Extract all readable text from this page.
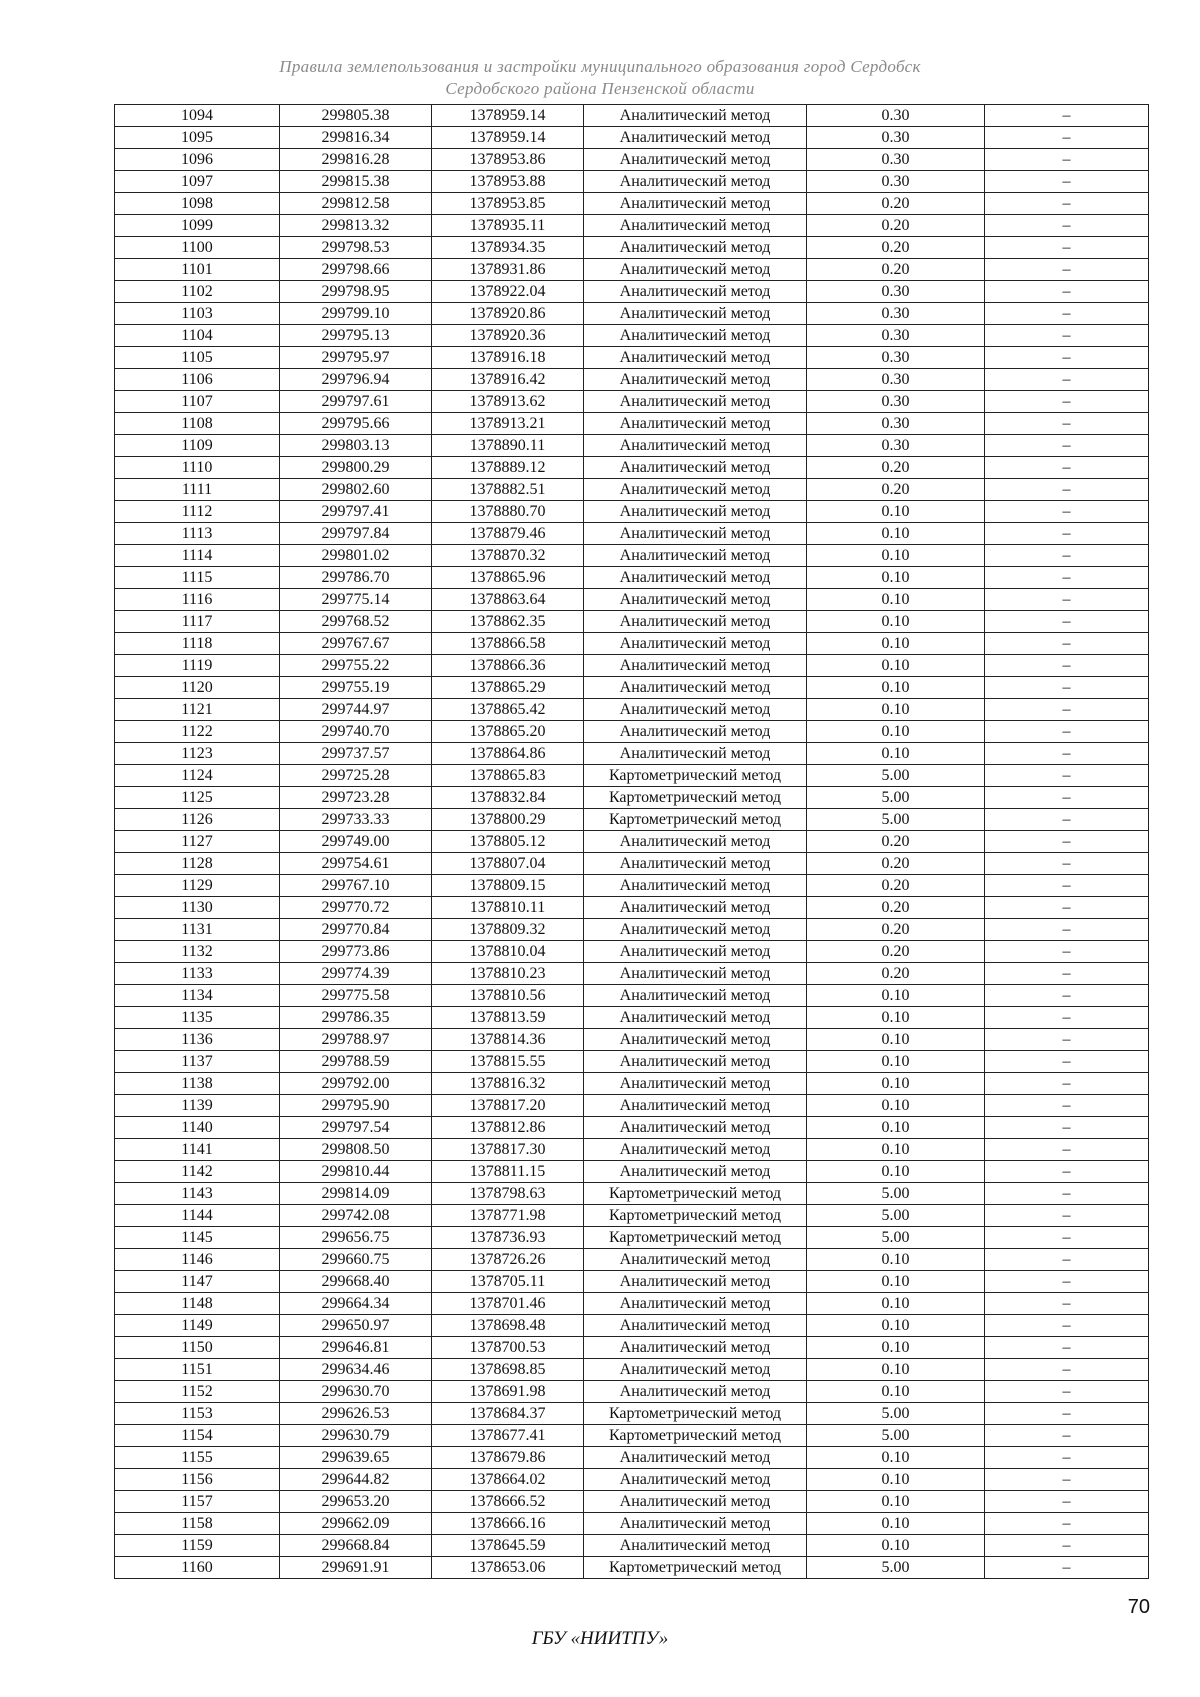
Правила землепользования и застройки муниципального образования город Сердобск
Сердобского района Пензенской области
1094	299805.38	1378959.14	Аналитический метод	0.30	–
1095	299816.34	1378959.14	Аналитический метод	0.30	–
1096	299816.28	1378953.86	Аналитический метод	0.30	–
1097	299815.38	1378953.88	Аналитический метод	0.30	–
1098	299812.58	1378953.85	Аналитический метод	0.20	–
1099	299813.32	1378935.11	Аналитический метод	0.20	–
1100	299798.53	1378934.35	Аналитический метод	0.20	–
1101	299798.66	1378931.86	Аналитический метод	0.20	–
1102	299798.95	1378922.04	Аналитический метод	0.30	–
1103	299799.10	1378920.86	Аналитический метод	0.30	–
1104	299795.13	1378920.36	Аналитический метод	0.30	–
1105	299795.97	1378916.18	Аналитический метод	0.30	–
1106	299796.94	1378916.42	Аналитический метод	0.30	–
1107	299797.61	1378913.62	Аналитический метод	0.30	–
1108	299795.66	1378913.21	Аналитический метод	0.30	–
1109	299803.13	1378890.11	Аналитический метод	0.30	–
1110	299800.29	1378889.12	Аналитический метод	0.20	–
1111	299802.60	1378882.51	Аналитический метод	0.20	–
1112	299797.41	1378880.70	Аналитический метод	0.10	–
1113	299797.84	1378879.46	Аналитический метод	0.10	–
1114	299801.02	1378870.32	Аналитический метод	0.10	–
1115	299786.70	1378865.96	Аналитический метод	0.10	–
1116	299775.14	1378863.64	Аналитический метод	0.10	–
1117	299768.52	1378862.35	Аналитический метод	0.10	–
1118	299767.67	1378866.58	Аналитический метод	0.10	–
1119	299755.22	1378866.36	Аналитический метод	0.10	–
1120	299755.19	1378865.29	Аналитический метод	0.10	–
1121	299744.97	1378865.42	Аналитический метод	0.10	–
1122	299740.70	1378865.20	Аналитический метод	0.10	–
1123	299737.57	1378864.86	Аналитический метод	0.10	–
1124	299725.28	1378865.83	Картометрический метод	5.00	–
1125	299723.28	1378832.84	Картометрический метод	5.00	–
1126	299733.33	1378800.29	Картометрический метод	5.00	–
1127	299749.00	1378805.12	Аналитический метод	0.20	–
1128	299754.61	1378807.04	Аналитический метод	0.20	–
1129	299767.10	1378809.15	Аналитический метод	0.20	–
1130	299770.72	1378810.11	Аналитический метод	0.20	–
1131	299770.84	1378809.32	Аналитический метод	0.20	–
1132	299773.86	1378810.04	Аналитический метод	0.20	–
1133	299774.39	1378810.23	Аналитический метод	0.20	–
1134	299775.58	1378810.56	Аналитический метод	0.10	–
1135	299786.35	1378813.59	Аналитический метод	0.10	–
1136	299788.97	1378814.36	Аналитический метод	0.10	–
1137	299788.59	1378815.55	Аналитический метод	0.10	–
1138	299792.00	1378816.32	Аналитический метод	0.10	–
1139	299795.90	1378817.20	Аналитический метод	0.10	–
1140	299797.54	1378812.86	Аналитический метод	0.10	–
1141	299808.50	1378817.30	Аналитический метод	0.10	–
1142	299810.44	1378811.15	Аналитический метод	0.10	–
1143	299814.09	1378798.63	Картометрический метод	5.00	–
1144	299742.08	1378771.98	Картометрический метод	5.00	–
1145	299656.75	1378736.93	Картометрический метод	5.00	–
1146	299660.75	1378726.26	Аналитический метод	0.10	–
1147	299668.40	1378705.11	Аналитический метод	0.10	–
1148	299664.34	1378701.46	Аналитический метод	0.10	–
1149	299650.97	1378698.48	Аналитический метод	0.10	–
1150	299646.81	1378700.53	Аналитический метод	0.10	–
1151	299634.46	1378698.85	Аналитический метод	0.10	–
1152	299630.70	1378691.98	Аналитический метод	0.10	–
1153	299626.53	1378684.37	Картометрический метод	5.00	–
1154	299630.79	1378677.41	Картометрический метод	5.00	–
1155	299639.65	1378679.86	Аналитический метод	0.10	–
1156	299644.82	1378664.02	Аналитический метод	0.10	–
1157	299653.20	1378666.52	Аналитический метод	0.10	–
1158	299662.09	1378666.16	Аналитический метод	0.10	–
1159	299668.84	1378645.59	Аналитический метод	0.10	–
1160	299691.91	1378653.06	Картометрический метод	5.00	–
70
ГБУ «НИИТПУ»
